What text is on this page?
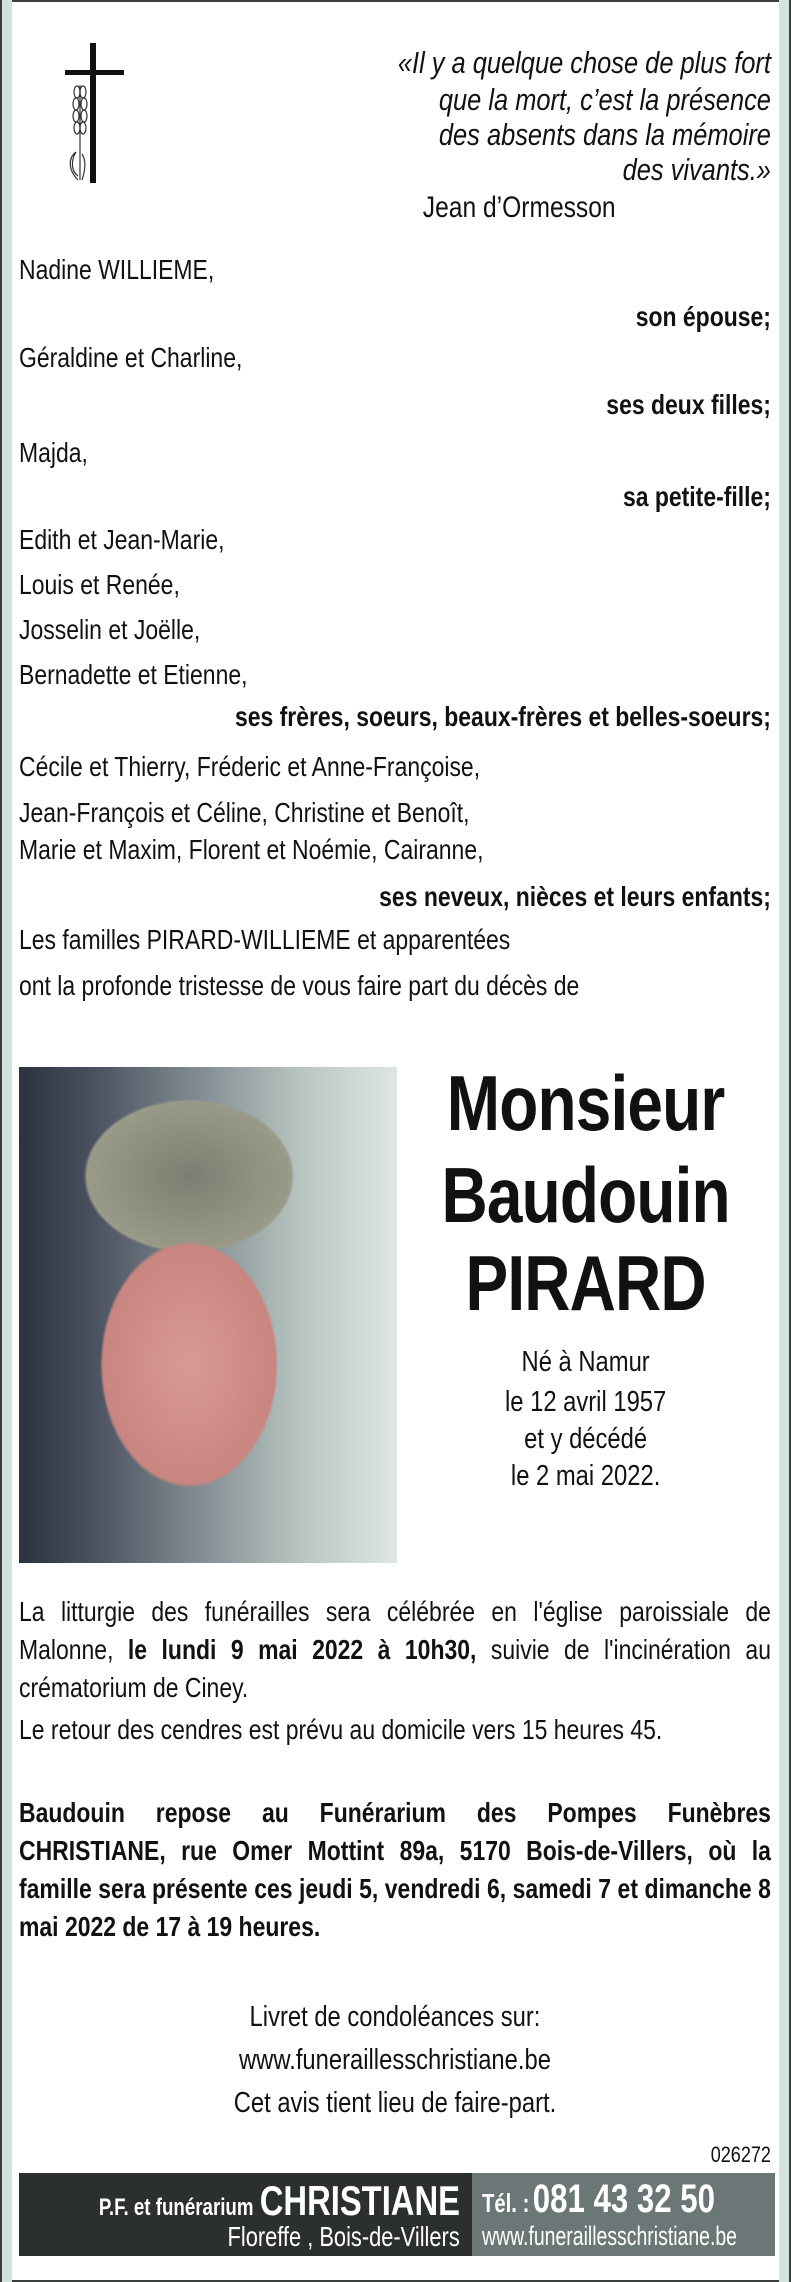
«Il y a quelque chose de plus fort
que la mort, c’est la présence
des absents dans la mémoire
des vivants.»
Jean d’Ormesson
Nadine WILLIEME,
son épouse;
Géraldine et Charline,
ses deux filles;
Majda,
sa petite-fille;
Edith et Jean-Marie,
Louis et Renée,
Josselin et Joëlle,
Bernadette et Etienne,
ses frères, soeurs, beaux-frères et belles-soeurs;
Cécile et Thierry, Fréderic et Anne-Françoise,
Jean-François et Céline, Christine et Benoît,
Marie et Maxim, Florent et Noémie, Cairanne,
ses neveux, nièces et leurs enfants;
Les familles PIRARD-WILLIEME et apparentées
ont la profonde tristesse de vous faire part du décès de
Monsieur
Baudouin
PIRARD
Né à Namur
le 12 avril 1957
et y décédé
le 2 mai 2022.
La litturgie des funérailles sera célébrée en l'église paroissiale de Malonne, le lundi 9 mai 2022 à 10h30, suivie de l'incinération au crématorium de Ciney.
Le retour des cendres est prévu au domicile vers 15 heures 45.
Baudouin repose au Funérarium des Pompes Funèbres CHRISTIANE, rue Omer Mottint 89a, 5170 Bois-de-Villers, où la famille sera présente ces jeudi 5, vendredi 6, samedi 7 et dimanche 8 mai 2022 de 17 à 19 heures.
Livret de condoléances sur:
www.funeraillesschristiane.be
Cet avis tient lieu de faire-part.
026272
P.F. et funérarium CHRISTIANE
Floreffe , Bois-de-Villers
Tél. : 081 43 32 50
www.funeraillesschristiane.be
